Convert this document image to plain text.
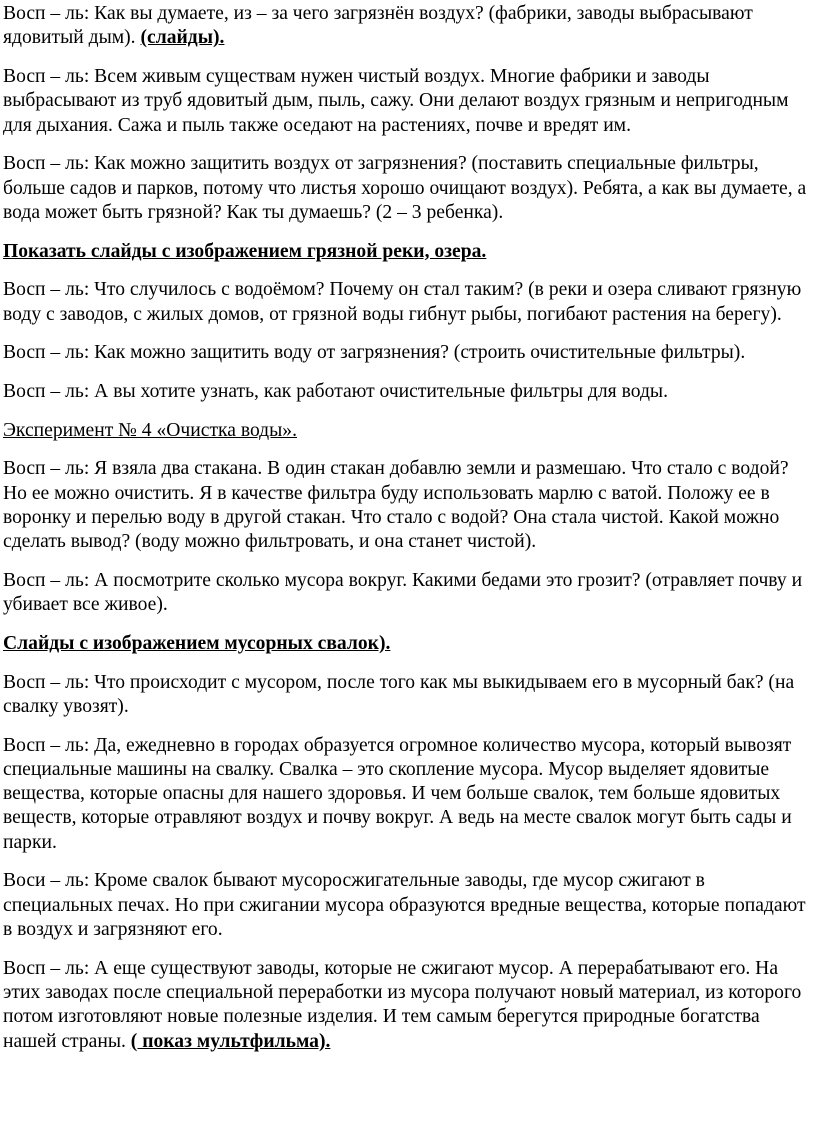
Восп – ль: Как вы думаете, из – за чего загрязнён воздух? (фабрики, заводы выбрасывают ядовитый дым). (слайды).

Восп – ль: Всем живым существам нужен чистый воздух. Многие фабрики и заводы выбрасывают из труб ядовитый дым, пыль, сажу. Они делают воздух грязным и непригодным для дыхания. Сажа и пыль также оседают на растениях, почве и вредят им.

Восп – ль: Как можно защитить воздух от загрязнения? (поставить специальные фильтры, больше садов и парков, потому что листья хорошо очищают воздух). Ребята, а как вы думаете, а вода может быть грязной? Как ты думаешь? (2 – 3 ребенка).

Показать слайды с изображением грязной реки, озера.

Восп – ль: Что случилось с водоёмом? Почему он стал таким? (в реки и озера сливают грязную воду с заводов, с жилых домов, от грязной воды гибнут рыбы, погибают растения на берегу).

Восп – ль: Как можно защитить воду от загрязнения? (строить очистительные фильтры).

Восп – ль: А вы хотите узнать, как работают очистительные фильтры для воды.

Эксперимент № 4 «Очистка воды».

Восп – ль: Я взяла два стакана. В один стакан добавлю земли и размешаю. Что стало с водой? Но ее можно очистить. Я в качестве фильтра буду использовать марлю с ватой. Положу ее в воронку и перелью воду в другой стакан. Что стало с водой? Она стала чистой. Какой можно сделать вывод? (воду можно фильтровать, и она станет чистой).

Восп – ль: А посмотрите сколько мусора вокруг. Какими бедами это грозит? (отравляет почву и убивает все живое).

Слайды с изображением мусорных свалок).

Восп – ль: Что происходит с мусором, после того как мы выкидываем его в мусорный бак? (на свалку увозят).

Восп – ль: Да, ежедневно в городах образуется огромное количество мусора, который вывозят специальные машины на свалку. Свалка – это скопление мусора. Мусор выделяет ядовитые вещества, которые опасны для нашего здоровья. И чем больше свалок, тем больше ядовитых веществ, которые отравляют воздух и почву вокруг. А ведь на месте свалок могут быть сады и парки.

Воси – ль: Кроме свалок бывают мусоросжигательные заводы, где мусор сжигают в специальных печах. Но при сжигании мусора образуются вредные вещества, которые попадают в воздух и загрязняют его.

Восп – ль: А еще существуют заводы, которые не сжигают мусор. А перерабатывают его. На этих заводах после специальной переработки из мусора получают новый материал, из которого потом изготовляют новые полезные изделия. И тем самым берегутся природные богатства нашей страны. ( показ мультфильма).
